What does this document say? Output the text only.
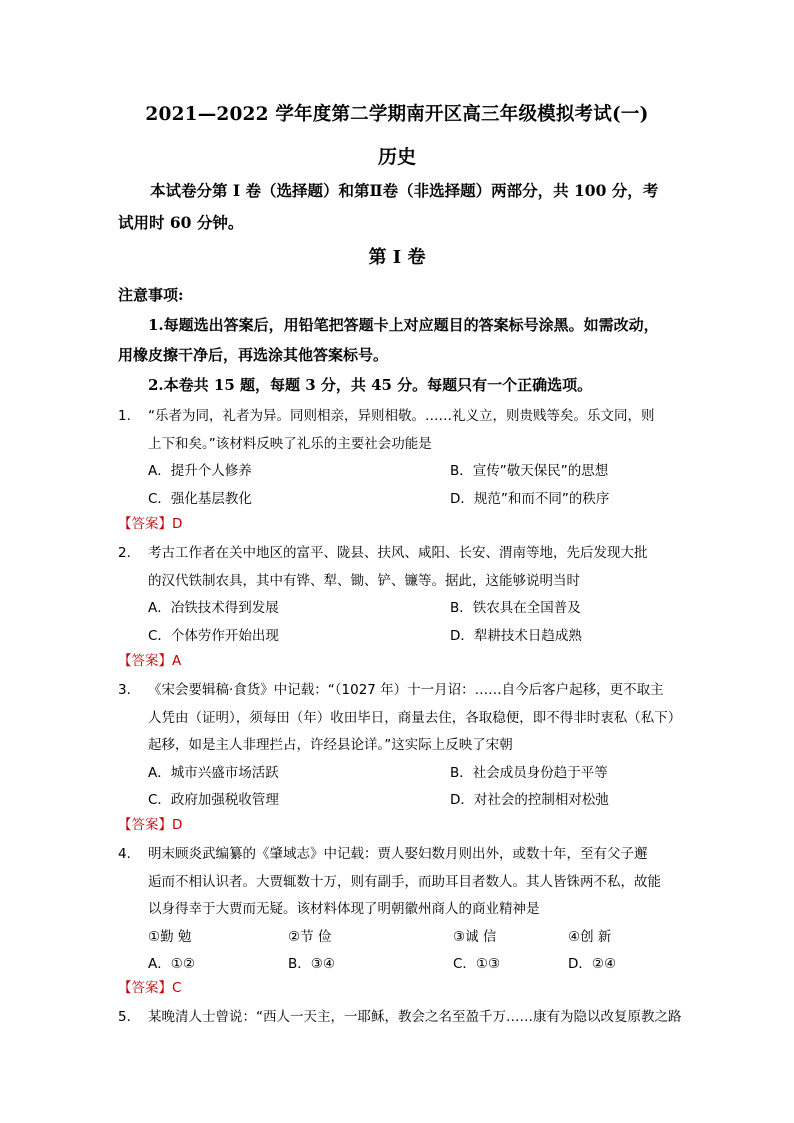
2021—2022 学年度第二学期南开区高三年级模拟考试(一)
历史
本试卷分第 I 卷（选择题）和第Ⅱ卷（非选择题）两部分，共 100 分，考
试用时 60 分钟。
第 I 卷
注意事项:
1.每题选出答案后，用铅笔把答题卡上对应题目的答案标号涂黑。如需改动，
用橡皮擦干净后，再选涂其他答案标号。
2.本卷共 15 题，每题 3 分，共 45 分。每题只有一个正确选项。
1. “乐者为同，礼者为异。同则相亲，异则相敬。……礼义立，则贵贱等矣。乐文同，则
上下和矣。”该材料反映了礼乐的主要社会功能是
A．提升个人修养	B．宣传”敬天保民”的思想
C．强化基层教化	D．规范”和而不同”的秩序
【答案】D
2. 考古工作者在关中地区的富平、陇县、扶风、咸阳、长安、渭南等地，先后发现大批
的汉代铁制农具，其中有铧、犁、锄、铲、镰等。据此，这能够说明当时
A．冶铁技术得到发展	B．铁农具在全国普及
C．个体劳作开始出现	D．犁耕技术日趋成熟
【答案】A
3. 《宋会要辑稿·食货》中记载：“（1027 年）十一月诏：……自今后客户起移，更不取主
人凭由（证明），须每田（年）收田毕日，商量去住，各取稳便，即不得非时衷私（私下）
起移，如是主人非理拦占，许经县论详。”这实际上反映了宋朝
A．城市兴盛市场活跃	B．社会成员身份趋于平等
C．政府加强税收管理	D．对社会的控制相对松弛
【答案】D
4. 明末顾炎武编纂的《肇域志》中记载：贾人娶妇数月则出外，或数十年，至有父子邂
逅而不相认识者。大贾辄数十万，则有副手，而助耳目者数人。其人皆铢两不私，故能
以身得幸于大贾而无疑。该材料体现了明朝徽州商人的商业精神是
①勤 勉	②节 俭	③诚 信	④创 新
A．①②	B．③④	C．①③	D．②④
【答案】C
5. 某晚清人士曾说：“西人一天主，一耶稣，教会之名至盈千万……康有为隐以改复原教之路
